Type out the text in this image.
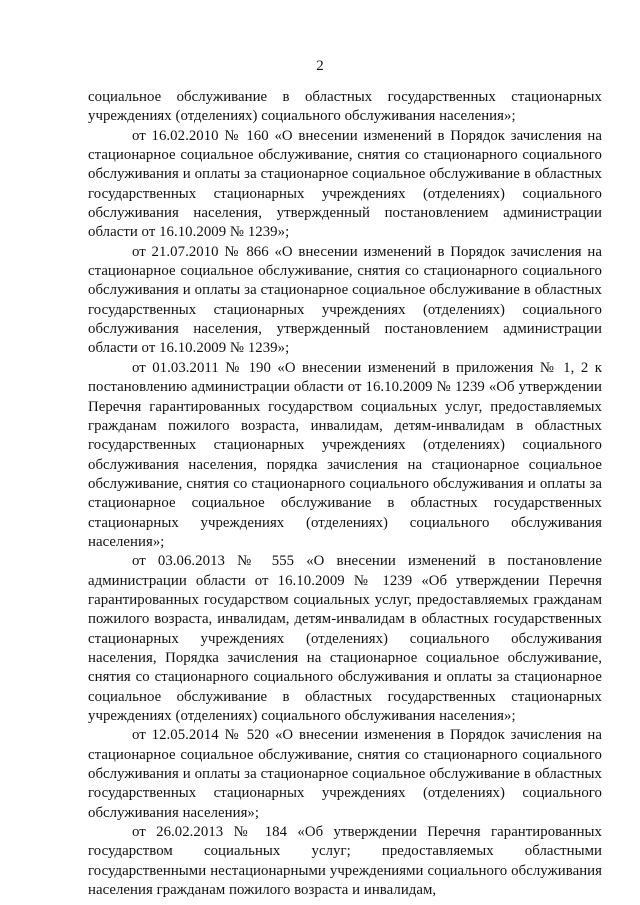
2

социальное обслуживание в областных государственных стационарных учреждениях (отделениях) социального обслуживания населения»;

от 16.02.2010 № 160 «О внесении изменений в Порядок зачисления на стационарное социальное обслуживание, снятия со стационарного социального обслуживания и оплаты за стационарное социальное обслуживание в областных государственных стационарных учреждениях (отделениях) социального обслуживания населения, утвержденный постановлением администрации области от 16.10.2009 № 1239»;

от 21.07.2010 № 866 «О внесении изменений в Порядок зачисления на стационарное социальное обслуживание, снятия со стационарного социального обслуживания и оплаты за стационарное социальное обслуживание в областных государственных стационарных учреждениях (отделениях) социального обслуживания населения, утвержденный постановлением администрации области от 16.10.2009 № 1239»;

от 01.03.2011 № 190 «О внесении изменений в приложения № 1, 2 к постановлению администрации области от 16.10.2009 № 1239 «Об утверждении Перечня гарантированных государством социальных услуг, предоставляемых гражданам пожилого возраста, инвалидам, детям-инвалидам в областных государственных стационарных учреждениях (отделениях) социального обслуживания населения, порядка зачисления на стационарное социальное обслуживание, снятия со стационарного социального обслуживания и оплаты за стационарное социальное обслуживание в областных государственных стационарных учреждениях (отделениях) социального обслуживания населения»;

от 03.06.2013 № 555 «О внесении изменений в постановление администрации области от 16.10.2009 № 1239 «Об утверждении Перечня гарантированных государством социальных услуг, предоставляемых гражданам пожилого возраста, инвалидам, детям-инвалидам в областных государственных стационарных учреждениях (отделениях) социального обслуживания населения, Порядка зачисления на стационарное социальное обслуживание, снятия со стационарного социального обслуживания и оплаты за стационарное социальное обслуживание в областных государственных стационарных учреждениях (отделениях) социального обслуживания населения»;

от 12.05.2014 № 520 «О внесении изменения в Порядок зачисления на стационарное социальное обслуживание, снятия со стационарного социального обслуживания и оплаты за стационарное социальное обслуживание в областных государственных стационарных учреждениях (отделениях) социального обслуживания населения»;

от 26.02.2013 № 184 «Об утверждении Перечня гарантированных государством социальных услуг; предоставляемых областными государственными нестационарными учреждениями социального обслуживания населения гражданам пожилого возраста и инвалидам,
